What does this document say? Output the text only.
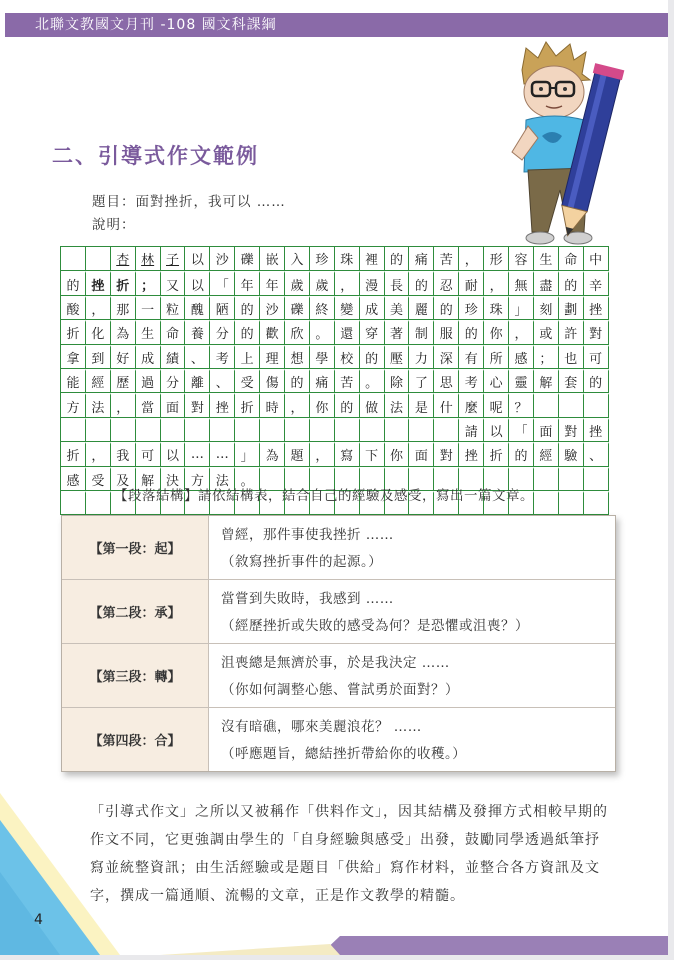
北聯文教國文月刊 -108 國文科課綱
二、引導式作文範例
題目：面對挫折，我可以 ……
說明：
杏 林 子 以 沙 礫 嵌 入 珍 珠 裡 的 痛 苦 ， 形 容 生 命 中
的 挫 折 ； 又 以 「 年 年 歲 歲 ， 漫 長 的 忍 耐 ， 無 盡 的 辛
酸 ， 那 一 粒 醜 陋 的 沙 礫 終 變 成 美 麗 的 珍 珠 」 刻 劃 挫
折 化 為 生 命 養 分 的 歡 欣 。 還 穿 著 制 服 的 你 ， 或 許 對
拿 到 好 成 績 、 考 上 理 想 學 校 的 壓 力 深 有 所 感 ； 也 可
能 經 歷 過 分 離 、 受 傷 的 痛 苦 。 除 了 思 考 心 靈 解 套 的
方 法 ， 當 面 對 挫 折 時 ， 你 的 做 法 是 什 麼 呢 ？
請 以 「 面 對 挫
折 ， 我 可 以 … … 」 為 題 ， 寫 下 你 面 對 挫 折 的 經 驗 、
感 受 及 解 決 方 法 。
【段落結構】請依結構表，結合自己的經驗及感受，寫出一篇文章。
【第一段：起】
曾經，那件事使我挫折 ……
（敘寫挫折事件的起源。）
【第二段：承】
當嘗到失敗時，我感到 ……
（經歷挫折或失敗的感受為何？是恐懼或沮喪？）
【第三段：轉】
沮喪總是無濟於事，於是我決定 ……
（你如何調整心態、嘗試勇於面對？）
【第四段：合】
沒有暗礁，哪來美麗浪花？ ……
（呼應題旨，總結挫折帶給你的收穫。）
「引導式作文」之所以又被稱作「供料作文」，因其結構及發揮方式相較早期的作文不同，它更強調由學生的「自身經驗與感受」出發，鼓勵同學透過紙筆抒寫並統整資訊；由生活經驗或是題目「供給」寫作材料，並整合各方資訊及文字，撰成一篇通順、流暢的文章，正是作文教學的精髓。
4
